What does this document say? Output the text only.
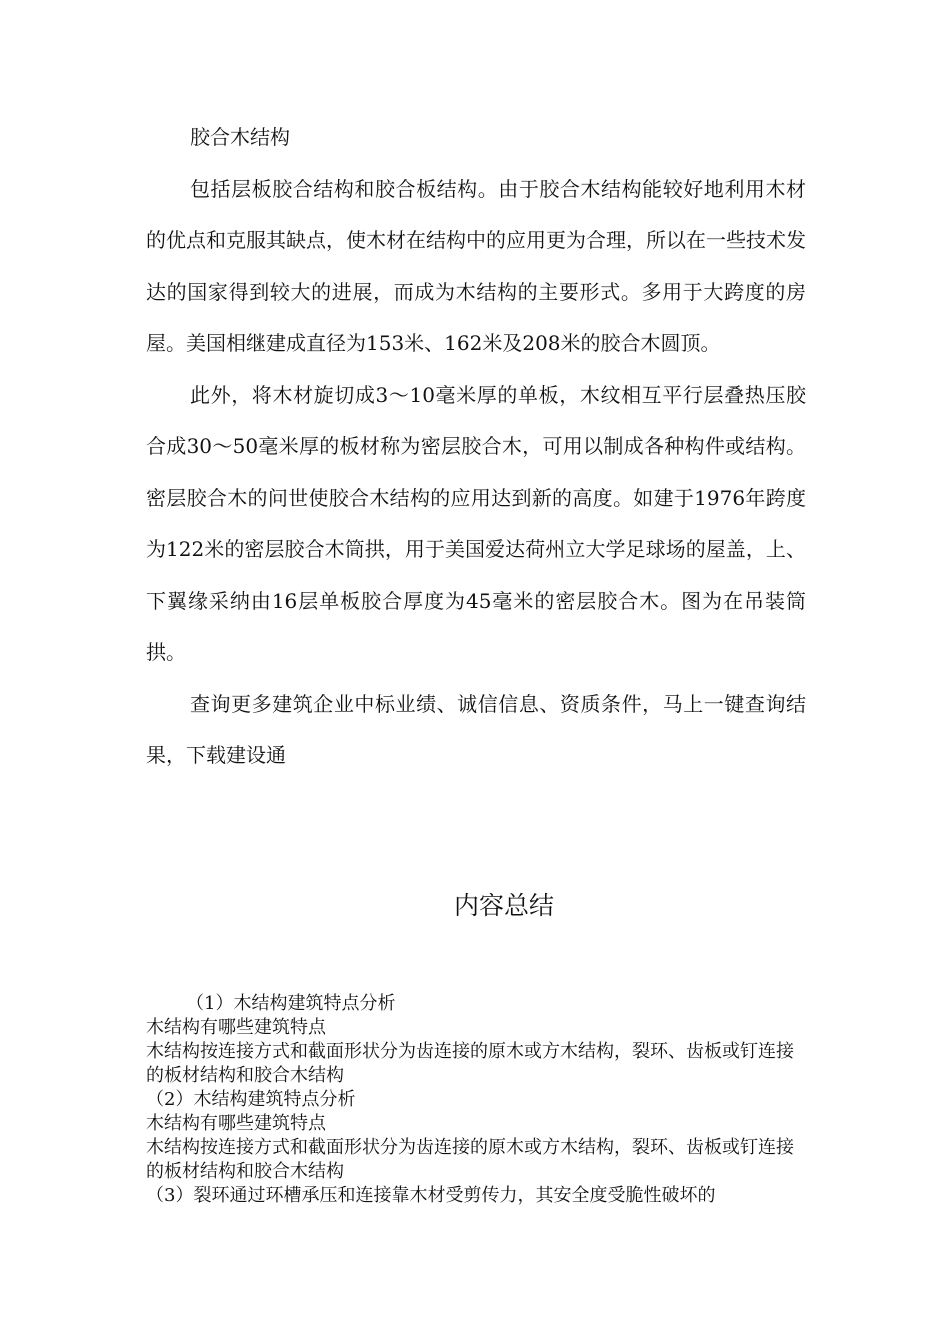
胶合木结构

包括层板胶合结构和胶合板结构。由于胶合木结构能较好地利用木材的优点和克服其缺点，使木材在结构中的应用更为合理，所以在一些技术发达的国家得到较大的进展，而成为木结构的主要形式。多用于大跨度的房屋。美国相继建成直径为153米、162米及208米的胶合木圆顶。

此外，将木材旋切成3～10毫米厚的单板，木纹相互平行层叠热压胶合成30～50毫米厚的板材称为密层胶合木，可用以制成各种构件或结构。密层胶合木的问世使胶合木结构的应用达到新的高度。如建于1976年跨度为122米的密层胶合木筒拱，用于美国爱达荷州立大学足球场的屋盖，上、下翼缘采纳由16层单板胶合厚度为45毫米的密层胶合木。图为在吊装筒拱。

查询更多建筑企业中标业绩、诚信信息、资质条件，马上一键查询结果，下载建设通

内容总结
（1）木结构建筑特点分析
木结构有哪些建筑特点
木结构按连接方式和截面形状分为齿连接的原木或方木结构，裂环、齿板或钉连接的板材结构和胶合木结构
（2）木结构建筑特点分析
木结构有哪些建筑特点
木结构按连接方式和截面形状分为齿连接的原木或方木结构，裂环、齿板或钉连接的板材结构和胶合木结构
（3）裂环通过环槽承压和连接靠木材受剪传力，其安全度受脆性破坏的
